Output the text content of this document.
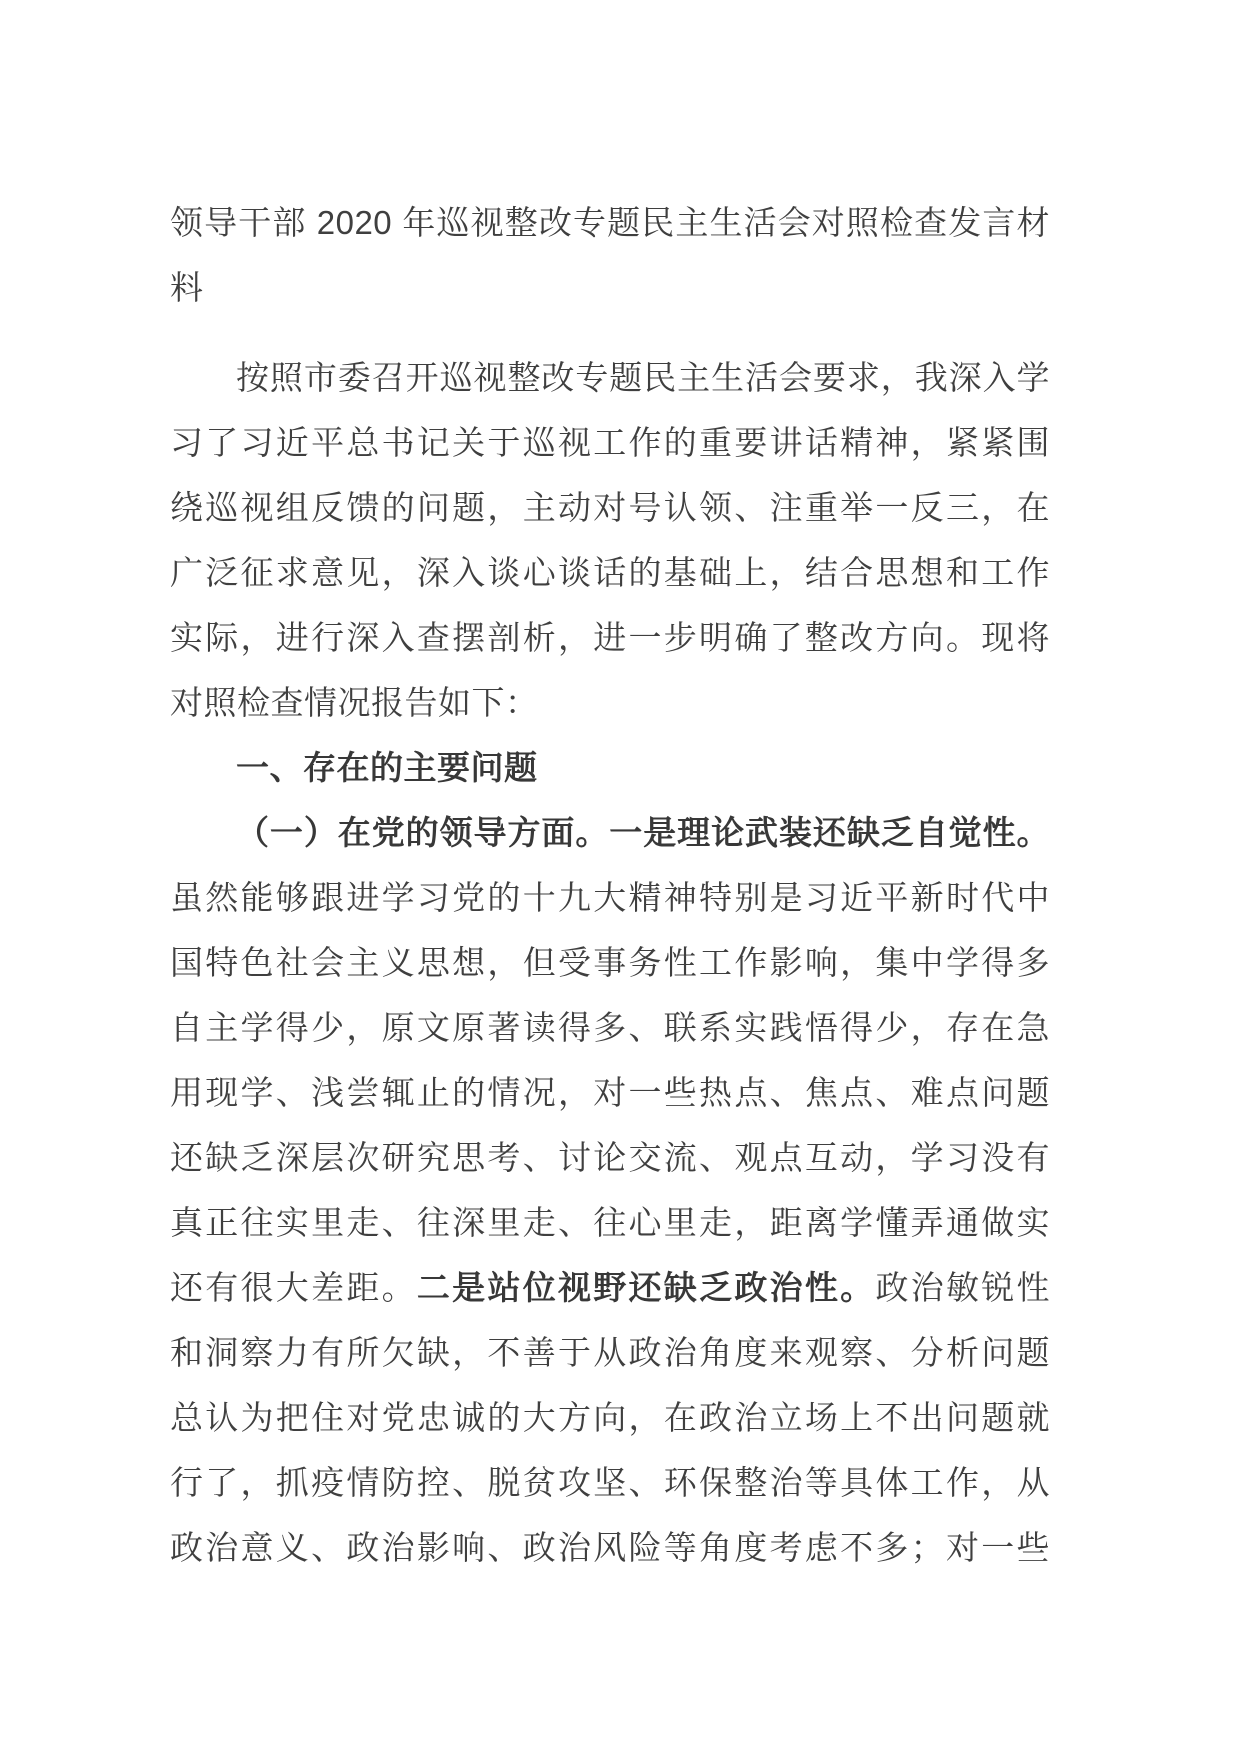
领导干部 2020 年巡视整改专题民主生活会对照检查发言材
料
按照市委召开巡视整改专题民主生活会要求，我深入学
习了习近平总书记关于巡视工作的重要讲话精神，紧紧围
绕巡视组反馈的问题，主动对号认领、注重举一反三，在
广泛征求意见，深入谈心谈话的基础上，结合思想和工作
实际，进行深入查摆剖析，进一步明确了整改方向。现将
对照检查情况报告如下：
一、存在的主要问题
（一）在党的领导方面。一是理论武装还缺乏自觉性。
虽然能够跟进学习党的十九大精神特别是习近平新时代中
国特色社会主义思想，但受事务性工作影响，集中学得多
自主学得少，原文原著读得多、联系实践悟得少，存在急
用现学、浅尝辄止的情况，对一些热点、焦点、难点问题
还缺乏深层次研究思考、讨论交流、观点互动，学习没有
真正往实里走、往深里走、往心里走，距离学懂弄通做实
还有很大差距。二是站位视野还缺乏政治性。政治敏锐性
和洞察力有所欠缺，不善于从政治角度来观察、分析问题
总认为把住对党忠诚的大方向，在政治立场上不出问题就
行了，抓疫情防控、脱贫攻坚、环保整治等具体工作，从
政治意义、政治影响、政治风险等角度考虑不多；对一些
